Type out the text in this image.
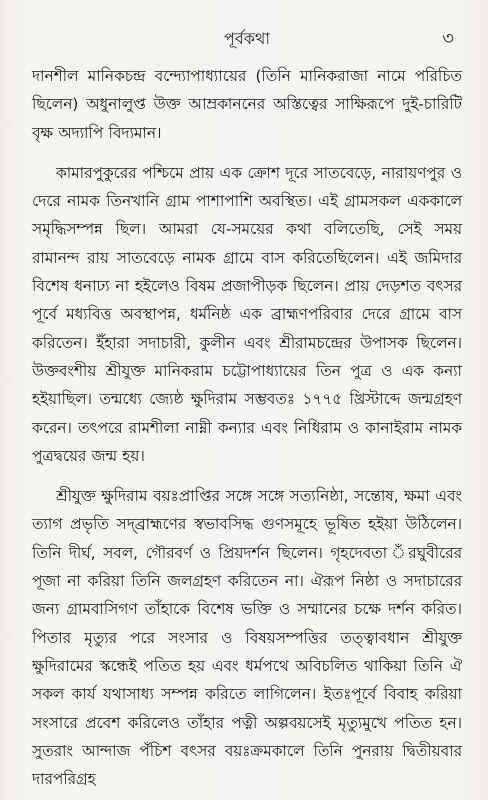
পূর্বকথা	৩

দানশীল মানিকচন্দ্র বন্দ্যোপাধ্যায়ের (তিনি মানিকরাজা নামে পরিচিত ছিলেন) অধুনালুপ্ত উক্ত আম্রকাননের অস্তিত্বের সাক্ষিরূপে দুই-চারিটি বৃক্ষ অদ্যাপি বিদ্যমান।

কামারপুকুরের পশ্চিমে প্রায় এক ক্রোশ দূরে সাতবেড়ে, নারায়ণপুর ও দেরে নামক তিনখানি গ্রাম পাশাপাশি অবস্থিত। এই গ্রামসকল এককালে সমৃদ্ধিসম্পন্ন ছিল। আমরা যে-সময়ের কথা বলিতেছি, সেই সময় রামানন্দ রায় সাতবেড়ে নামক গ্রামে বাস করিতেছিলেন। এই জমিদার বিশেষ ধনাঢ্য না হইলেও বিষম প্রজাপীড়ক ছিলেন। প্রায় দেড়শত বৎসর পূর্বে মধ্যবিত্ত অবস্থাপন্ন, ধর্মনিষ্ঠ এক ব্রাহ্মণপরিবার দেরে গ্রামে বাস করিতেন। ইঁহারা সদাচারী, কুলীন এবং শ্রীরামচন্দ্রের উপাসক ছিলেন। উক্তবংশীয় শ্রীযুক্ত মানিকরাম চট্টোপাধ্যায়ের তিন পুত্র ও এক কন্যা হইয়াছিল। তন্মধ্যে জ্যেষ্ঠ ক্ষুদিরাম সম্ভবতঃ ১৭৭৫ খ্রিস্টাব্দে জন্মগ্রহণ করেন। তৎপরে রামশীলা নাম্নী কন্যার এবং নিধিরাম ও কানাইরাম নামক পুত্রদ্বয়ের জন্ম হয়।

শ্রীযুক্ত ক্ষুদিরাম বয়ঃপ্রাপ্তির সঙ্গে সঙ্গে সত্যনিষ্ঠা, সন্তোষ, ক্ষমা এবং ত্যাগ প্রভৃতি সদ্‌ব্রাহ্মণের স্বভাবসিদ্ধ গুণসমূহে ভূষিত হইয়া উঠিলেন। তিনি দীর্ঘ, সবল, গৌরবর্ণ ও প্রিয়দর্শন ছিলেন। গৃহদেবতা ঁরঘুবীরের পূজা না করিয়া তিনি জলগ্রহণ করিতেন না। ঐরূপ নিষ্ঠা ও সদাচারের জন্য গ্রামবাসিগণ তাঁহাকে বিশেষ ভক্তি ও সম্মানের চক্ষে দর্শন করিত। পিতার মৃত্যুর পরে সংসার ও বিষয়সম্পত্তির তত্ত্বাবধান শ্রীযুক্ত ক্ষুদিরামের স্কন্ধেই পতিত হয় এবং ধর্মপথে অবিচলিত থাকিয়া তিনি ঐ সকল কার্য যথাসাধ্য সম্পন্ন করিতে লাগিলেন। ইতঃপূর্বে বিবাহ করিয়া সংসারে প্রবেশ করিলেও তাঁহার পত্নী অল্পবয়সেই মৃত্যুমুখে পতিত হন। সুতরাং আন্দাজ পঁচিশ বৎসর বয়ঃক্রমকালে তিনি পুনরায় দ্বিতীয়বার দারপরিগ্রহ
